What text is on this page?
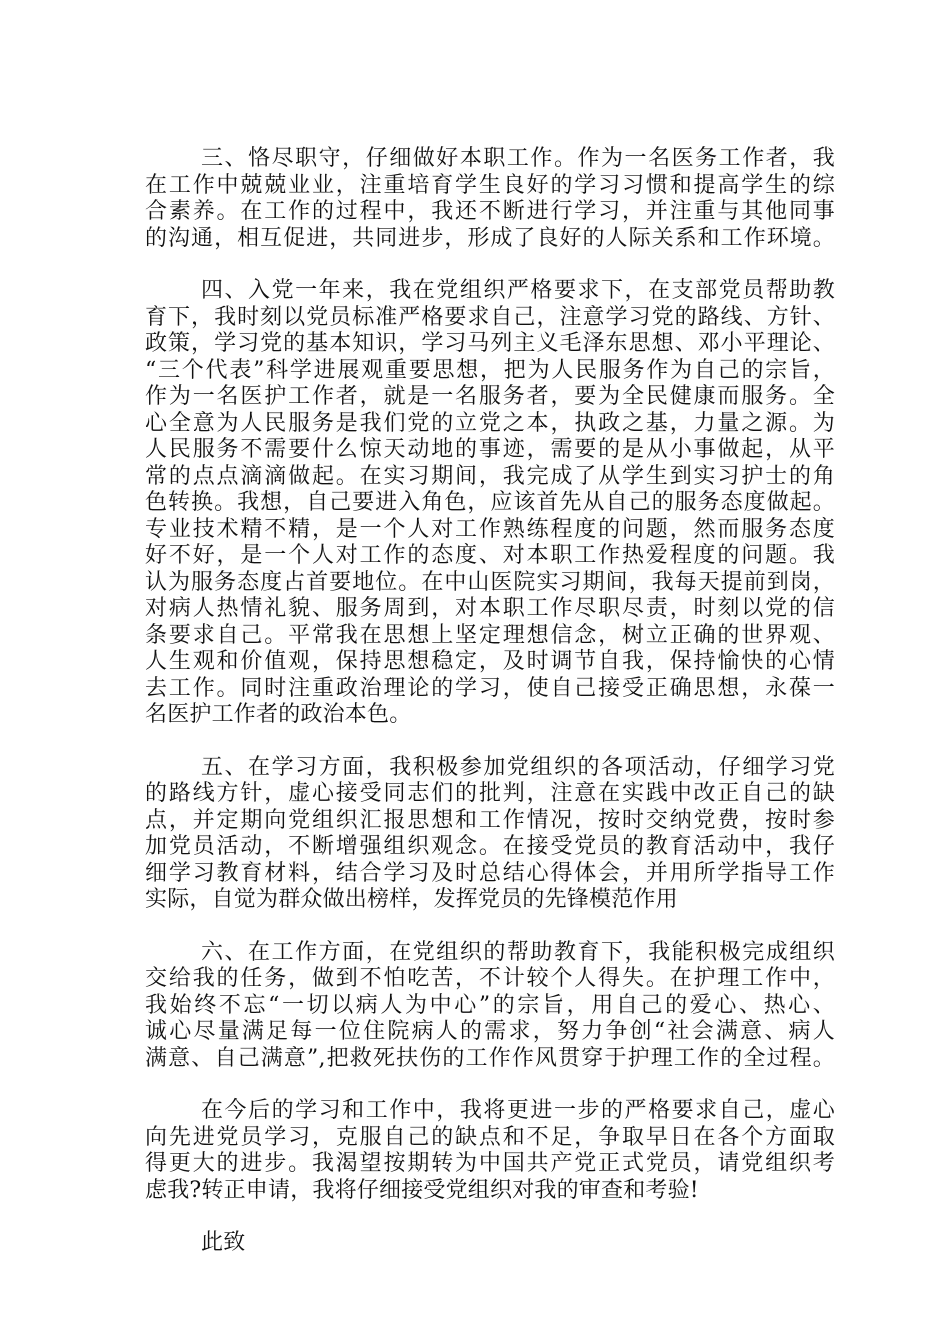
三、恪尽职守，仔细做好本职工作。作为一名医务工作者，我
在工作中兢兢业业，注重培育学生良好的学习习惯和提高学生的综
合素养。在工作的过程中，我还不断进行学习，并注重与其他同事
的沟通，相互促进，共同进步，形成了良好的人际关系和工作环境。
四、入党一年来，我在党组织严格要求下，在支部党员帮助教
育下，我时刻以党员标准严格要求自己，注意学习党的路线、方针、
政策，学习党的基本知识，学习马列主义毛泽东思想、邓小平理论、
“三个代表”科学进展观重要思想，把为人民服务作为自己的宗旨，
作为一名医护工作者，就是一名服务者，要为全民健康而服务。全
心全意为人民服务是我们党的立党之本，执政之基，力量之源。为
人民服务不需要什么惊天动地的事迹，需要的是从小事做起，从平
常的点点滴滴做起。在实习期间，我完成了从学生到实习护士的角
色转换。我想，自己要进入角色，应该首先从自己的服务态度做起。
专业技术精不精，是一个人对工作熟练程度的问题，然而服务态度
好不好，是一个人对工作的态度、对本职工作热爱程度的问题。我
认为服务态度占首要地位。在中山医院实习期间，我每天提前到岗，
对病人热情礼貌、服务周到，对本职工作尽职尽责，时刻以党的信
条要求自己。平常我在思想上坚定理想信念，树立正确的世界观、
人生观和价值观，保持思想稳定，及时调节自我，保持愉快的心情
去工作。同时注重政治理论的学习，使自己接受正确思想，永葆一
名医护工作者的政治本色。
五、在学习方面，我积极参加党组织的各项活动，仔细学习党
的路线方针，虚心接受同志们的批判，注意在实践中改正自己的缺
点，并定期向党组织汇报思想和工作情况，按时交纳党费，按时参
加党员活动，不断增强组织观念。在接受党员的教育活动中，我仔
细学习教育材料，结合学习及时总结心得体会，并用所学指导工作
实际，自觉为群众做出榜样，发挥党员的先锋模范作用
六、在工作方面，在党组织的帮助教育下，我能积极完成组织
交给我的任务，做到不怕吃苦，不计较个人得失。在护理工作中，
我始终不忘“一切以病人为中心”的宗旨，用自己的爱心、热心、
诚心尽量满足每一位住院病人的需求，努力争创“社会满意、病人
满意、自己满意”,把救死扶伤的工作作风贯穿于护理工作的全过程。
在今后的学习和工作中，我将更进一步的严格要求自己，虚心
向先进党员学习，克服自己的缺点和不足，争取早日在各个方面取
得更大的进步。我渴望按期转为中国共产党正式党员，请党组织考
虑我?转正申请，我将仔细接受党组织对我的审查和考验!
此致
